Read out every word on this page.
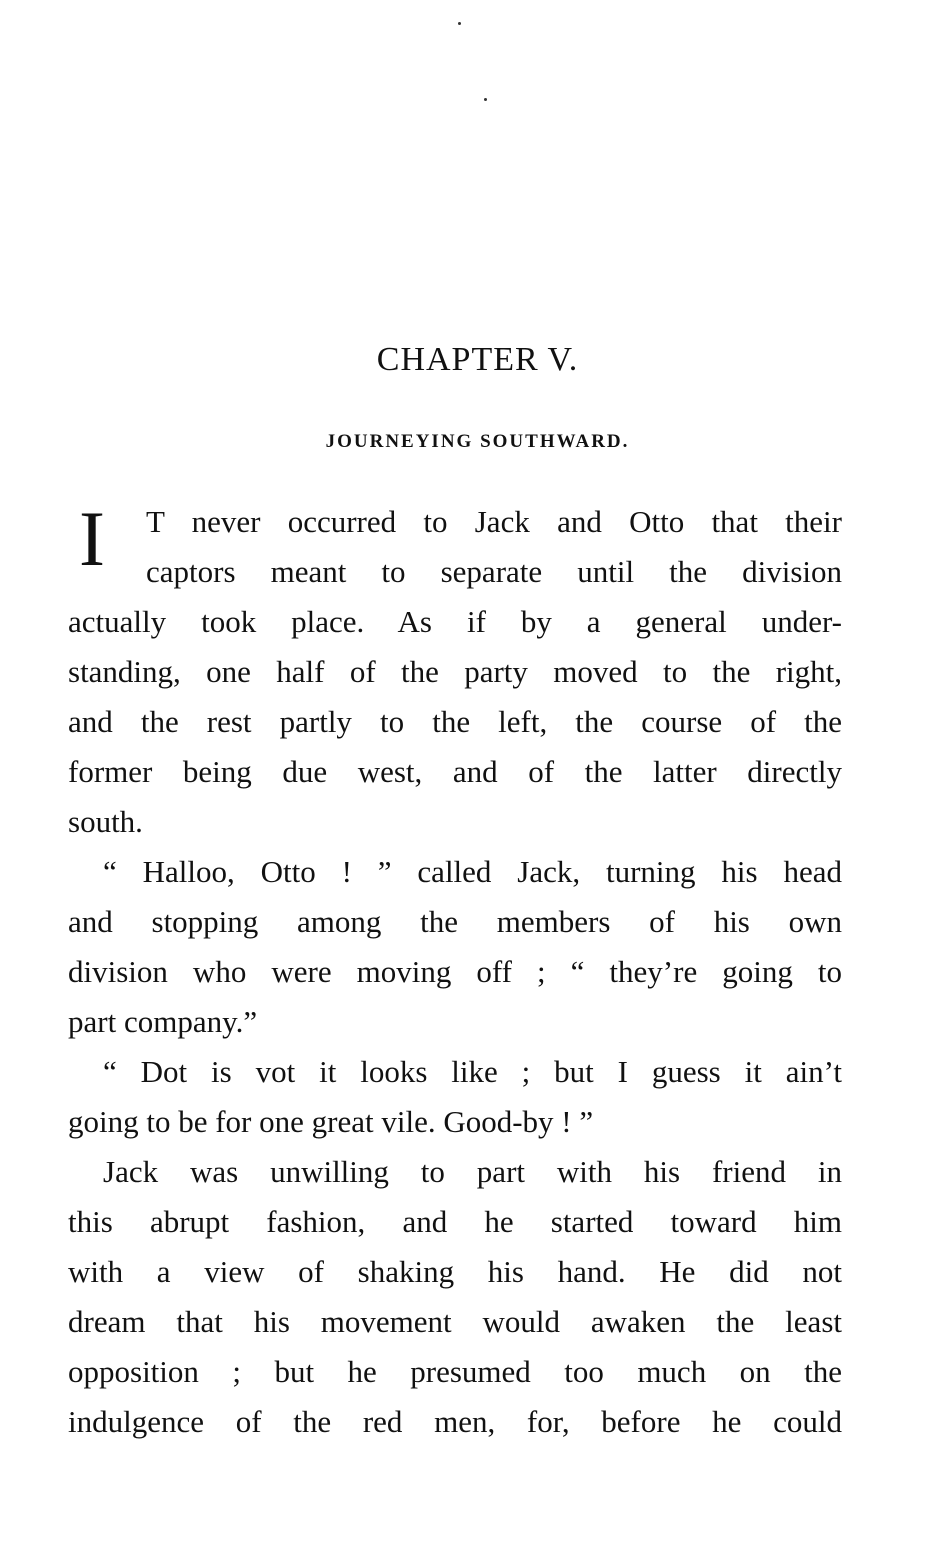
CHAPTER V.
JOURNEYING SOUTHWARD.
I	T never occurred to Jack and Otto that their
captors meant to separate until the division
actually took place. As if by a general under-
standing, one half of the party moved to the right,
and the rest partly to the left, the course of the
former being due west, and of the latter directly
south.
“ Halloo, Otto ! ” called Jack, turning his head
and stopping among the members of his own
division who were moving off ; “ they’re going to
part company.”
“ Dot is vot it looks like ; but I guess it ain’t
going to be for one great vile. Good-by ! ”
Jack was unwilling to part with his friend in
this abrupt fashion, and he started toward him
with a view of shaking his hand. He did not
dream that his movement would awaken the least
opposition ; but he presumed too much on the
indulgence of the red men, for, before he could
